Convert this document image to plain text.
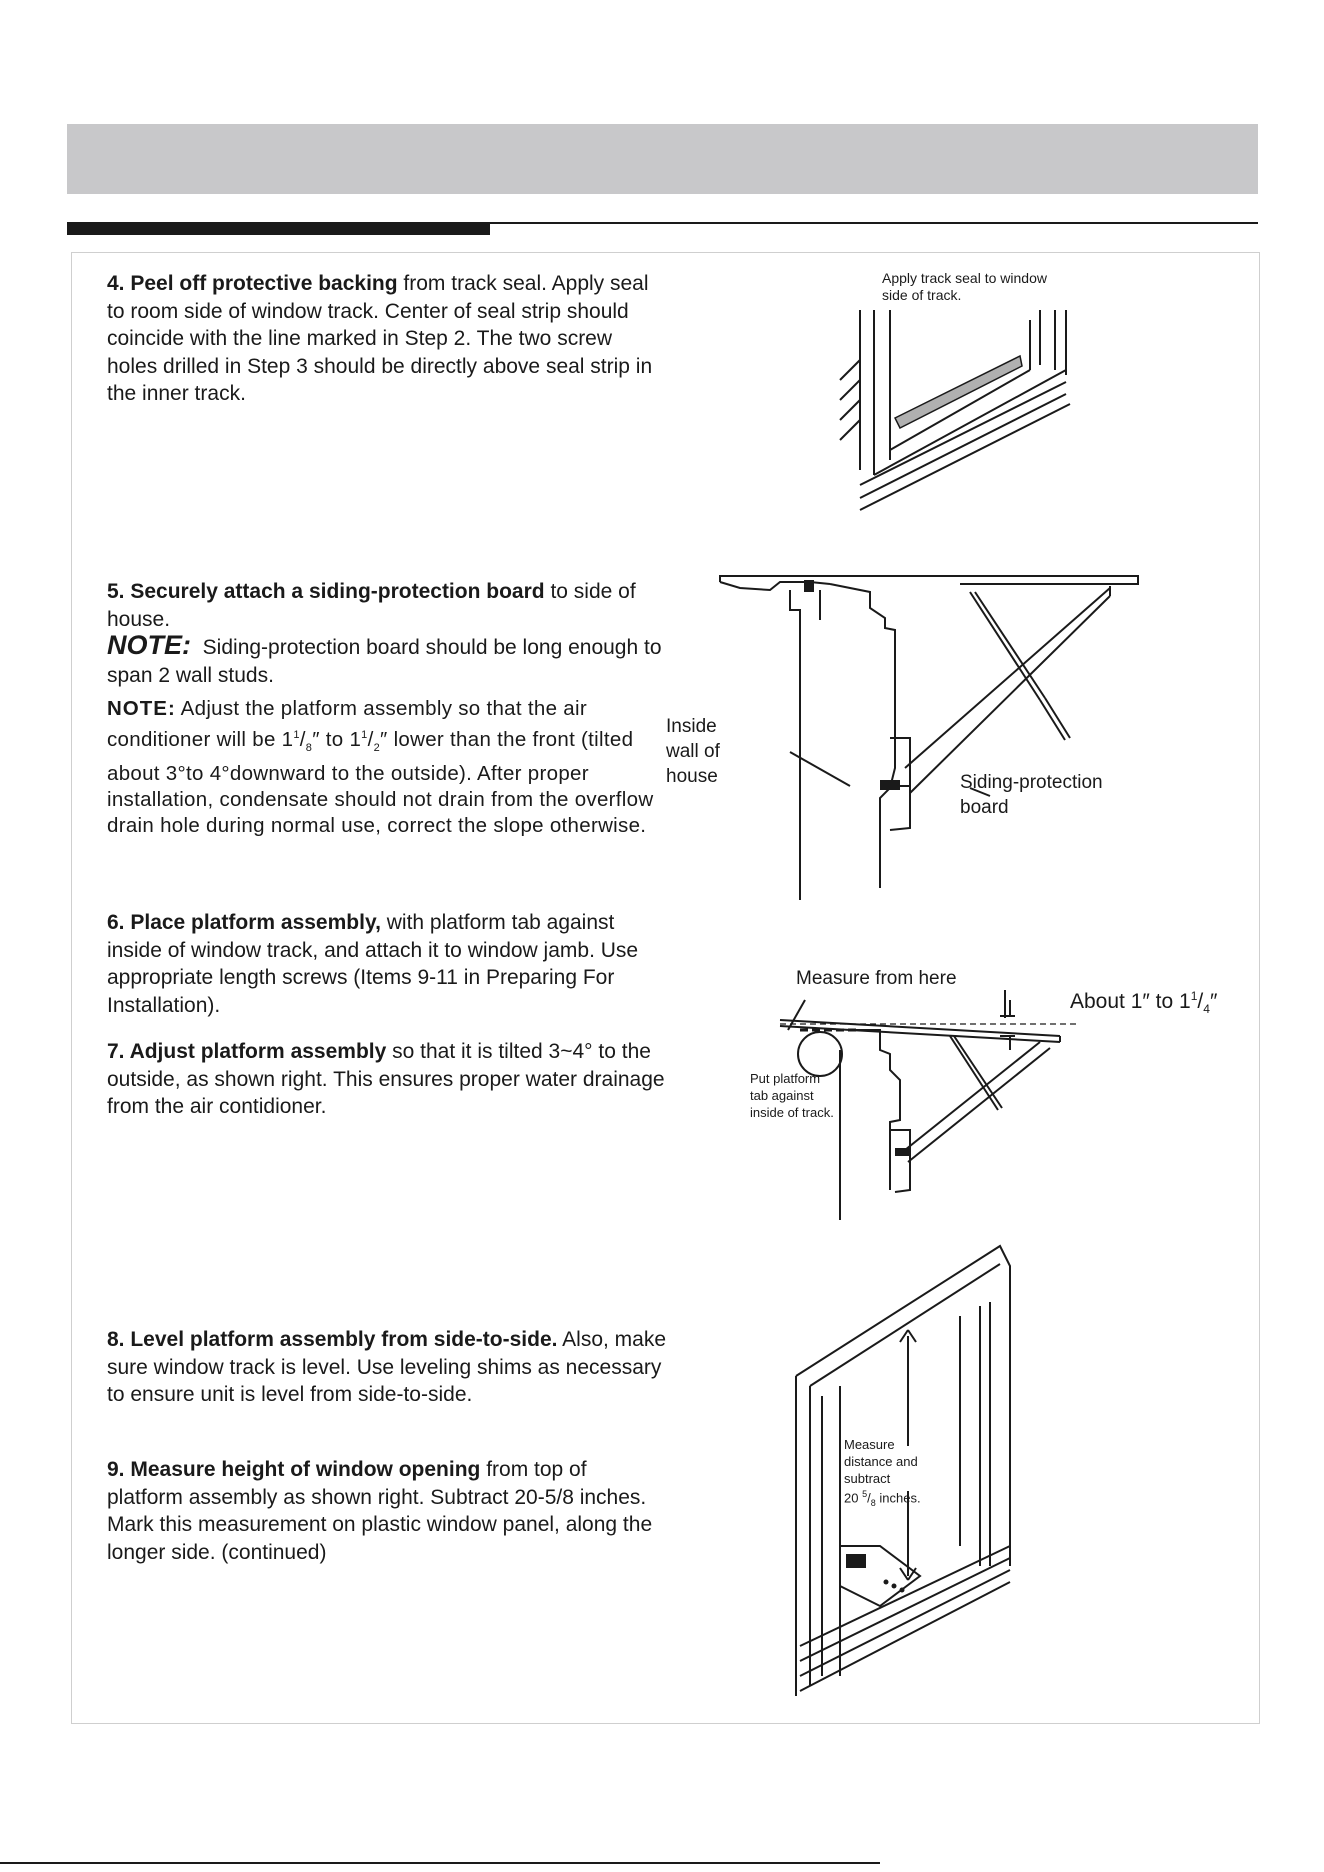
4. Peel off protective backing from track seal. Apply seal to room side of window track. Center of seal strip should coincide with the line marked in Step 2. The two screw holes drilled in Step 3 should be directly above seal strip in the inner track.

5. Securely attach a siding-protection board to side of house.

NOTE: Siding-protection board should be long enough to span 2 wall studs.

NOTE: Adjust the platform assembly so that the air conditioner will be $1^1/_8''$ to $1^1/_2''$ lower than the front (tilted about 3°to 4°downward to the outside). After proper installation, condensate should not drain from the overflow drain hole during normal use, correct the slope otherwise.

6. Place platform assembly, with platform tab against inside of window track, and attach it to window jamb. Use appropriate length screws (Items 9-11 in Preparing For Installation).

7. Adjust platform assembly so that it is tilted 3~4° to the outside, as shown right. This ensures proper water drainage from the air contidioner.

8. Level platform assembly from side-to-side. Also, make sure window track is level. Use leveling shims as necessary to ensure unit is level from side-to-side.

9. Measure height of window opening from top of platform assembly as shown right. Subtract 20-5/8 inches. Mark this measurement on plastic window panel, along the longer side. (continued)

Apply track seal to window side of track.

Inside wall of house	Siding-protection board

Measure from here

About 1″ to $1^1/_4''$

Put platform tab against inside of track.

Measure distance and subtract

20 $^5/_8$ inches.
